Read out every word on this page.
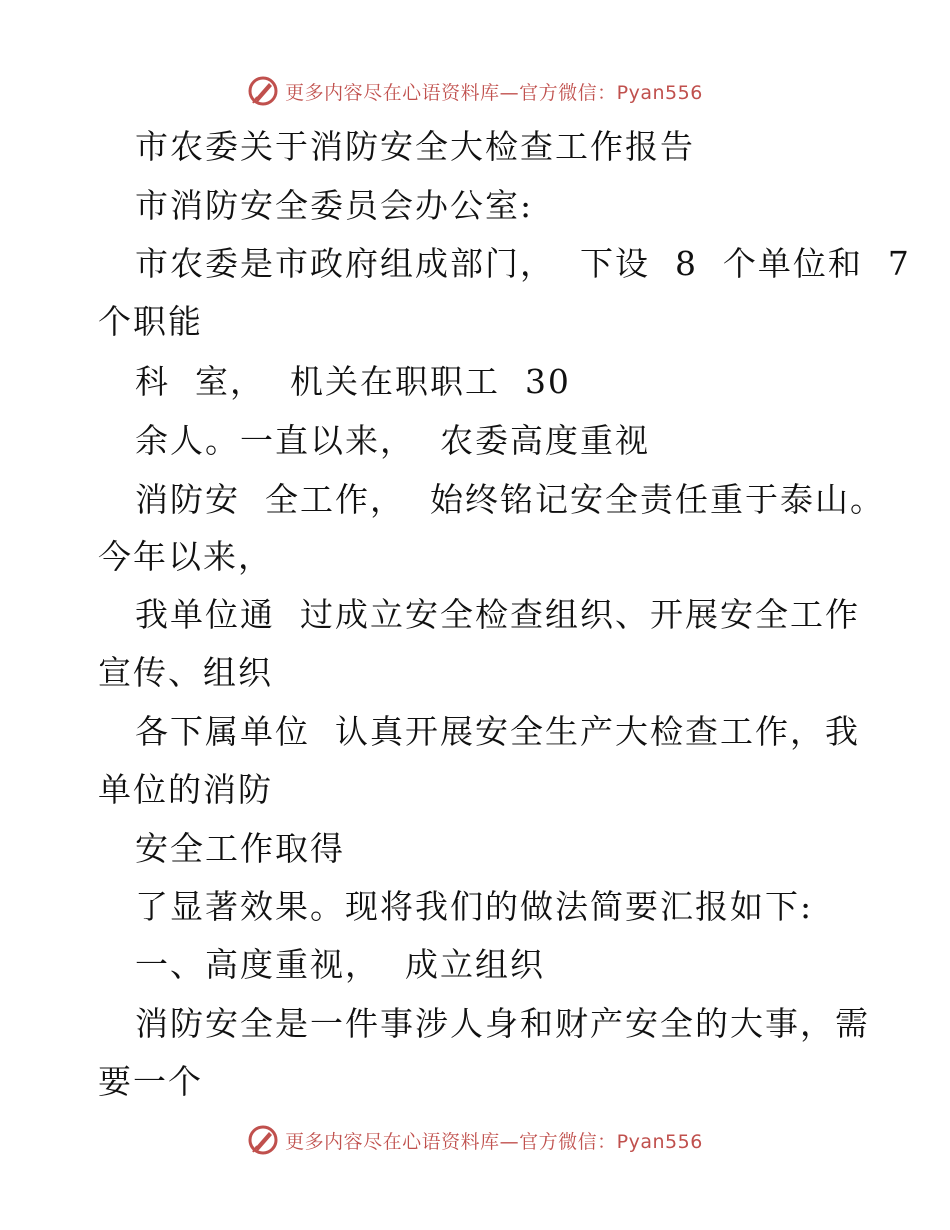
更多内容尽在心语资料库—官方微信：Pyan556
市农委关于消防安全大检查工作报告
市消防安全委员会办公室:
市农委是市政府组成部门，  下设  8  个单位和  7
个职能
科  室，  机关在职职工  30
余人。一直以来，  农委高度重视
消防安  全工作，  始终铭记安全责任重于泰山。
今年以来，
我单位通  过成立安全检查组织、开展安全工作
宣传、组织
各下属单位  认真开展安全生产大检查工作，我
单位的消防
安全工作取得
了显著效果。现将我们的做法简要汇报如下:
一、高度重视，  成立组织
消防安全是一件事涉人身和财产安全的大事，需
要一个
更多内容尽在心语资料库—官方微信：Pyan556
